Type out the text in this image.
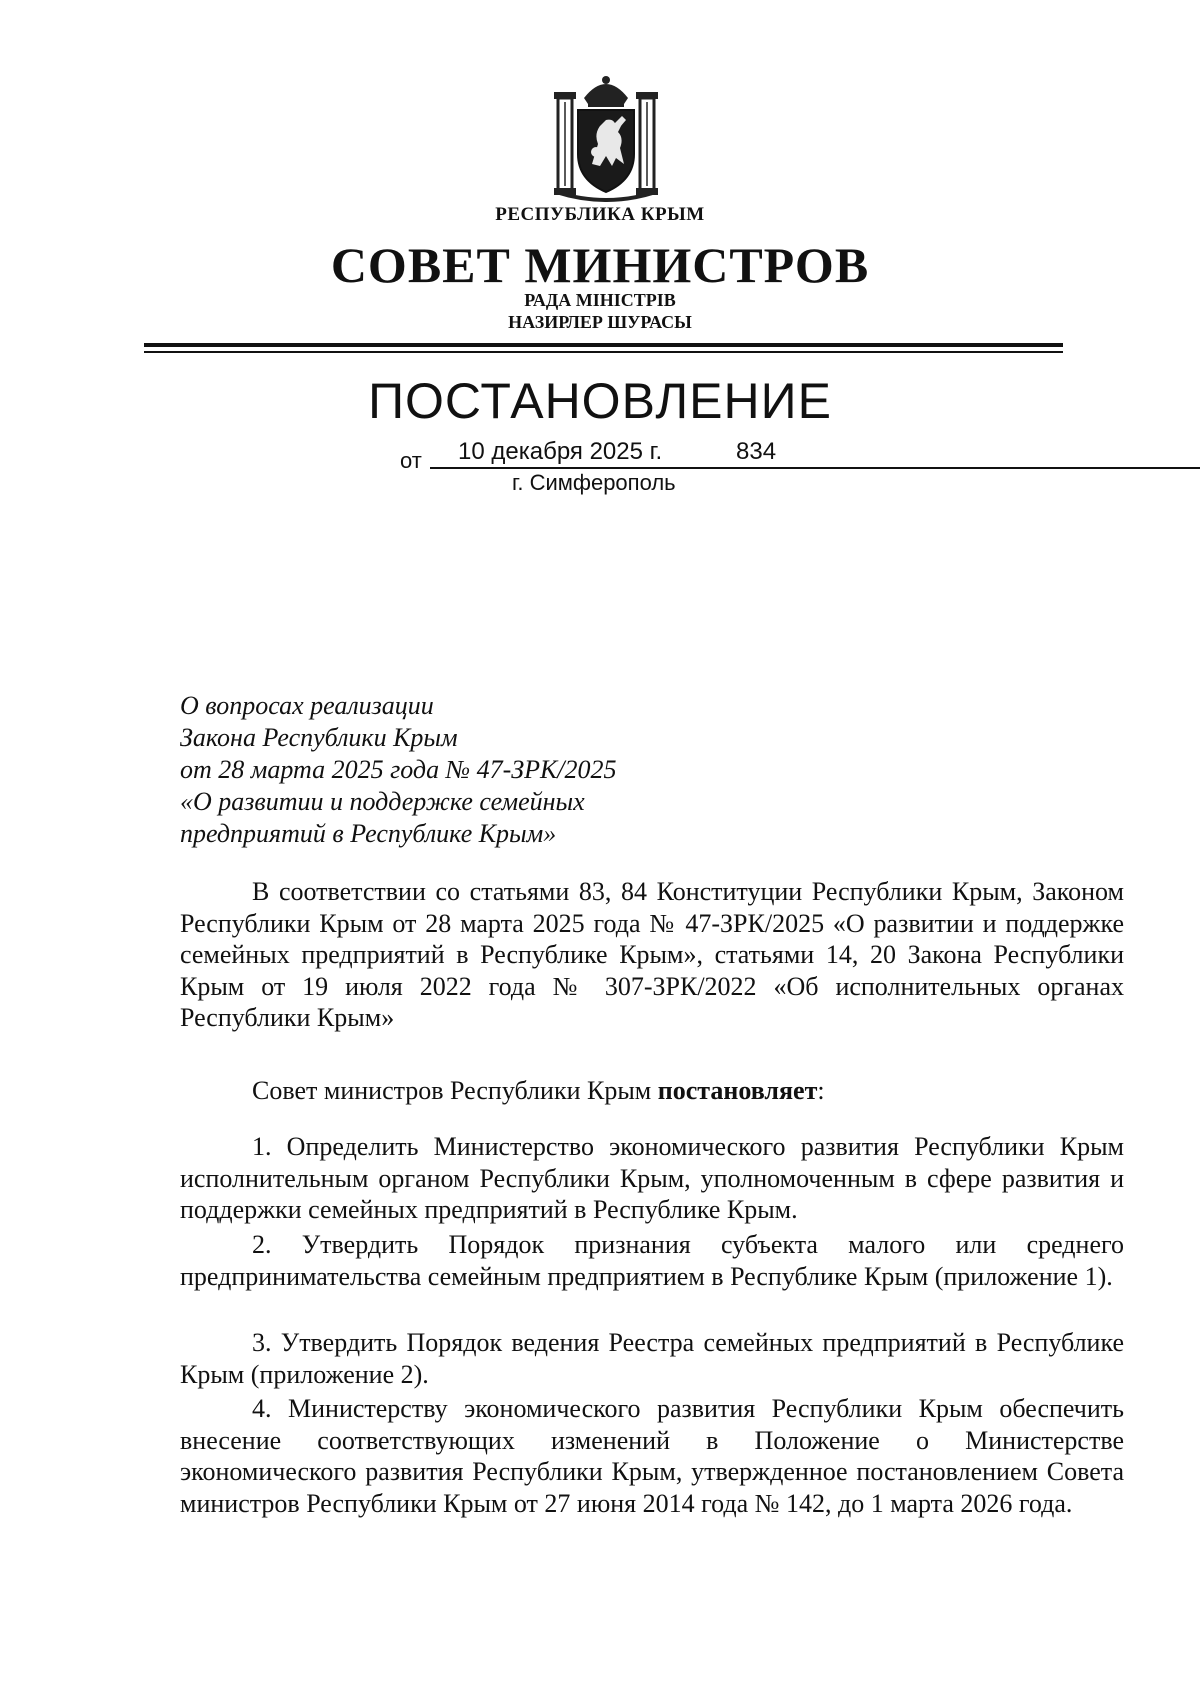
РЕСПУБЛИКА КРЫМ
СОВЕТ МИНИСТРОВ
РАДА МІНІСТРІВ
НАЗИРЛЕР ШУРАСЫ
ПОСТАНОВЛЕНИЕ
от 10 декабря 2025 г.	834
г. Симферополь
О вопросах реализации
Закона Республики Крым
от 28 марта 2025 года № 47-ЗРК/2025
«О развитии и поддержке семейных
предприятий в Республике Крым»
В соответствии со статьями 83, 84 Конституции Республики Крым, Законом Республики Крым от 28 марта 2025 года № 47-ЗРК/2025 «О развитии и поддержке семейных предприятий в Республике Крым», статьями 14, 20 Закона Республики Крым от 19 июля 2022 года № 307-ЗРК/2022 «Об исполнительных органах Республики Крым»
Совет министров Республики Крым постановляет:
1. Определить Министерство экономического развития Республики Крым исполнительным органом Республики Крым, уполномоченным в сфере развития и поддержки семейных предприятий в Республике Крым.
2. Утвердить Порядок признания субъекта малого или среднего предпринимательства семейным предприятием в Республике Крым (приложение 1).
3. Утвердить Порядок ведения Реестра семейных предприятий в Республике Крым (приложение 2).
4. Министерству экономического развития Республики Крым обеспечить внесение соответствующих изменений в Положение о Министерстве экономического развития Республики Крым, утвержденное постановлением Совета министров Республики Крым от 27 июня 2014 года № 142, до 1 марта 2026 года.
